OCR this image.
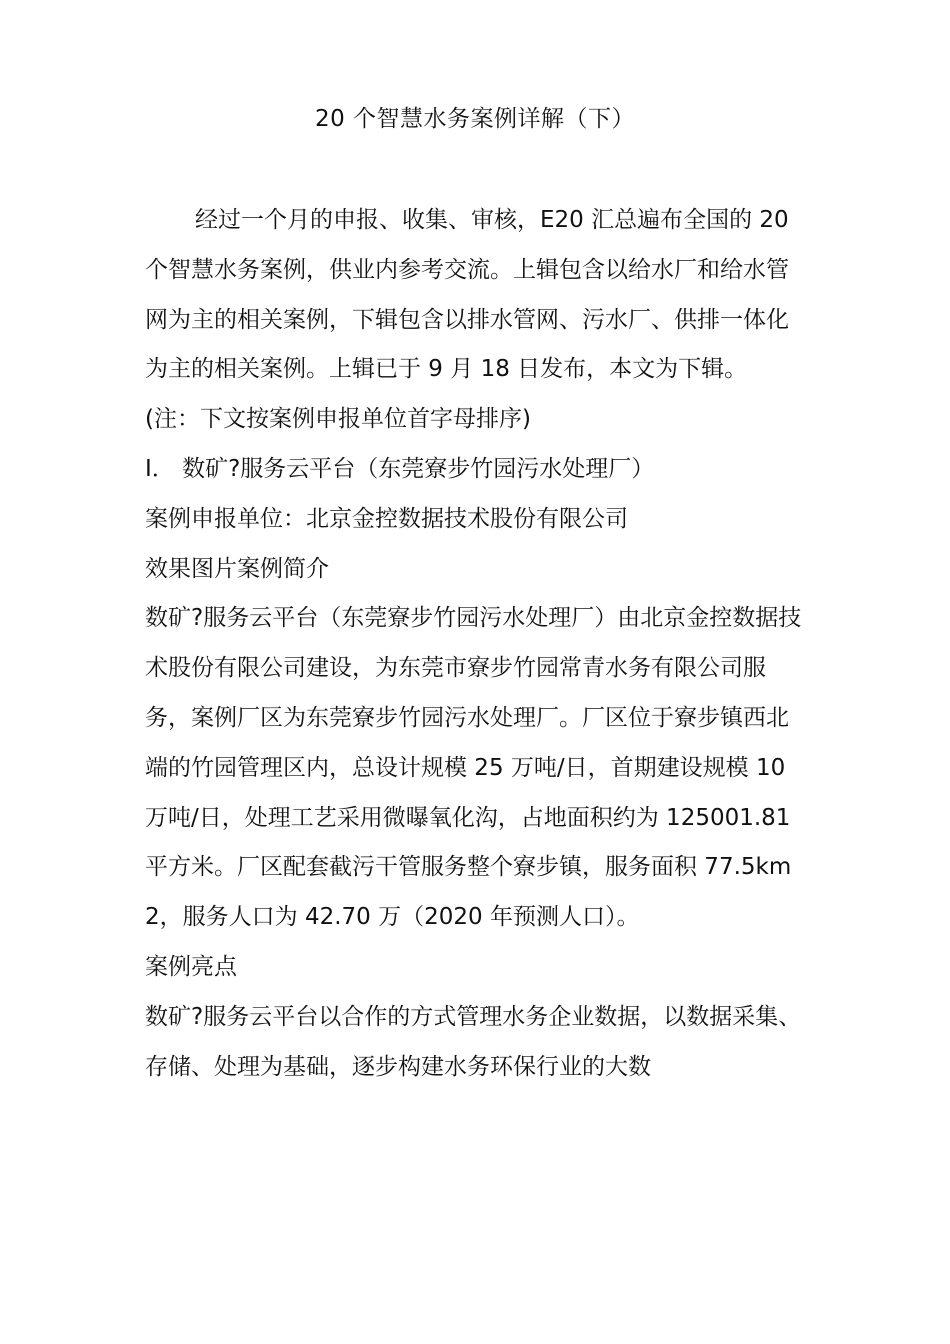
20 个智慧水务案例详解（下）

经过一个月的申报、收集、审核，E20 汇总遍布全国的 20 个智慧水务案例，供业内参考交流。上辑包含以给水厂和给水管网为主的相关案例，下辑包含以排水管网、污水厂、供排一体化为主的相关案例。上辑已于 9 月 18 日发布，本文为下辑。

(注：下文按案例申报单位首字母排序)

I． 数矿?服务云平台（东莞寮步竹园污水处理厂）

案例申报单位：北京金控数据技术股份有限公司

效果图片案例简介

数矿?服务云平台（东莞寮步竹园污水处理厂）由北京金控数据技术股份有限公司建设，为东莞市寮步竹园常青水务有限公司服务，案例厂区为东莞寮步竹园污水处理厂。厂区位于寮步镇西北端的竹园管理区内，总设计规模 25 万吨/日，首期建设规模 10 万吨/日，处理工艺采用微曝氧化沟，占地面积约为 125001.81 平方米。厂区配套截污干管服务整个寮步镇，服务面积 77.5km2，服务人口为 42.70 万（2020 年预测人口）。

案例亮点

数矿?服务云平台以合作的方式管理水务企业数据，以数据采集、存储、处理为基础，逐步构建水务环保行业的大数
